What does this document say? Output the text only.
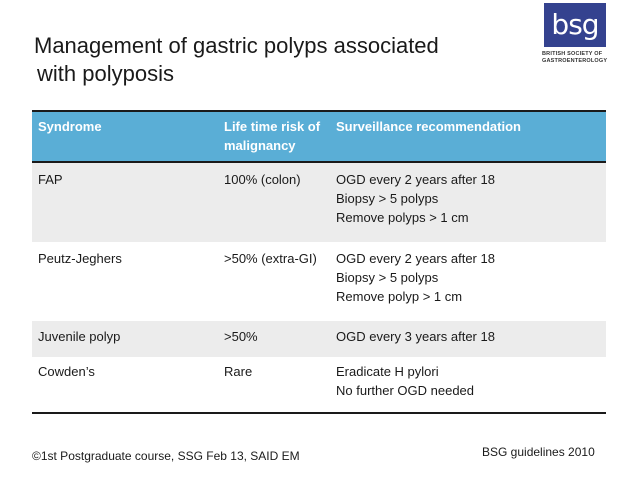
Management of gastric polyps associated
with polyposis
bsg
BRITISH SOCIETY OF
GASTROENTEROLOGY
Syndrome	Life time risk of malignancy	Surveillance recommendation
FAP	100% (colon)	OGD every 2 years after 18
Biopsy > 5 polyps
Remove polyps > 1 cm

Peutz-Jeghers	>50% (extra-GI)	OGD every 2 years after 18
Biopsy > 5 polyps
Remove polyp > 1 cm

Juvenile polyp	>50%	OGD every 3 years after 18

Cowden’s	Rare	Eradicate H pylori
No further OGD needed
©1st Postgraduate course, SSG Feb 13, SAID EM	BSG guidelines 2010
